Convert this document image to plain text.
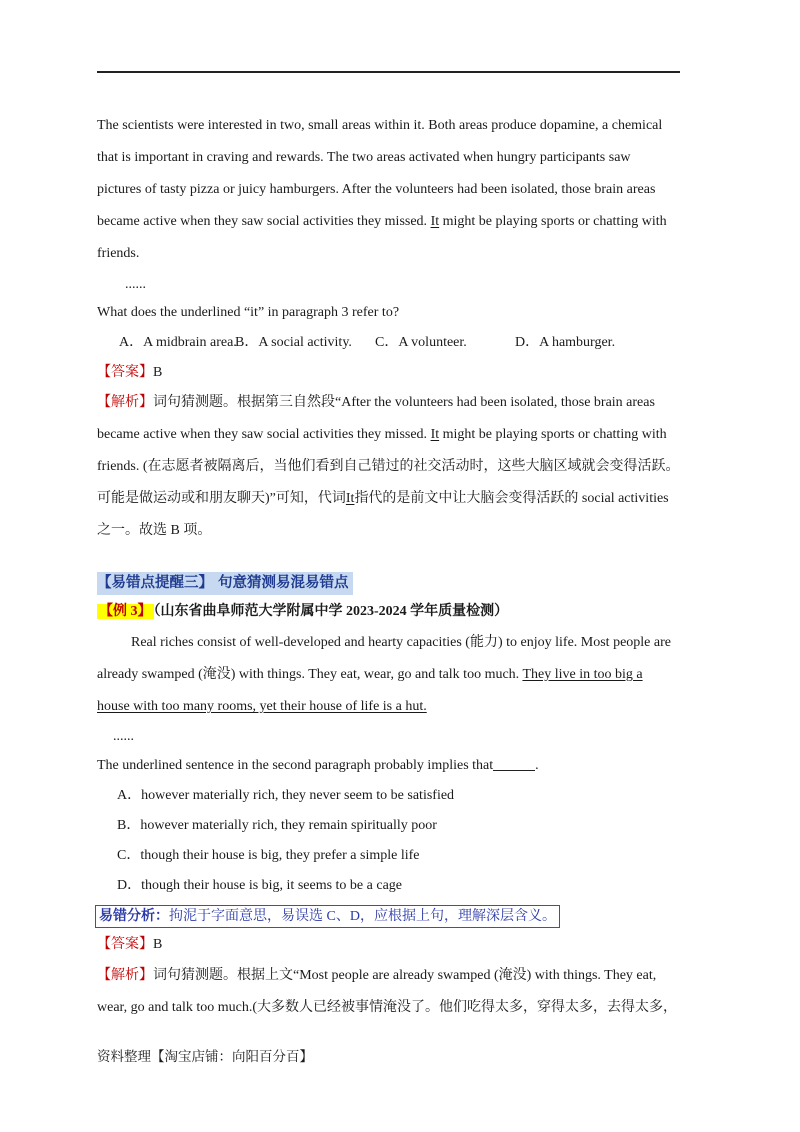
The scientists were interested in two, small areas within it. Both areas produce dopamine, a chemical
that is important in craving and rewards. The two areas activated when hungry participants saw
pictures of tasty pizza or juicy hamburgers. After the volunteers had been isolated, those brain areas
became active when they saw social activities they missed. It might be playing sports or chatting with
friends.
......
What does the underlined “it” in paragraph 3 refer to?
A．A midbrain area.
B．A social activity. C．A volunteer.	D．A hamburger.
【答案】B
【解析】词句猜测题。根据第三自然段“After the volunteers had been isolated, those brain areas
became active when they saw social activities they missed. It might be playing sports or chatting with
friends. (在志愿者被隔离后，当他们看到自己错过的社交活动时，这些大脑区域就会变得活跃。
可能是做运动或和朋友聊天)”可知，代词It指代的是前文中让大脑会变得活跃的 social activities
之一。故选 B 项。
【易错点提醒三】 句意猜测易混易错点
【例 3】 （山东省曲阜师范大学附属中学 2023-2024 学年质量检测）
Real riches consist of well-developed and hearty capacities (能力) to enjoy life. Most people are
already swamped (淹没) with things. They eat, wear, go and talk too much. They live in too big a
house with too many rooms, yet their house of life is a hut.
......
The underlined sentence in the second paragraph probably implies that	.
A．however materially rich, they never seem to be satisfied
B．however materially rich, they remain spiritually poor
C．though their house is big, they prefer a simple life
D．though their house is big, it seems to be a cage
易错分析：拘泥于字面意思，易误选 C、D，应根据上句，理解深层含义。
【答案】B
【解析】词句猜测题。根据上文“Most people are already swamped (淹没) with things. They eat,
wear, go and talk too much.(大多数人已经被事情淹没了。他们吃得太多，穿得太多，去得太多，
资料整理【淘宝店铺：向阳百分百】
